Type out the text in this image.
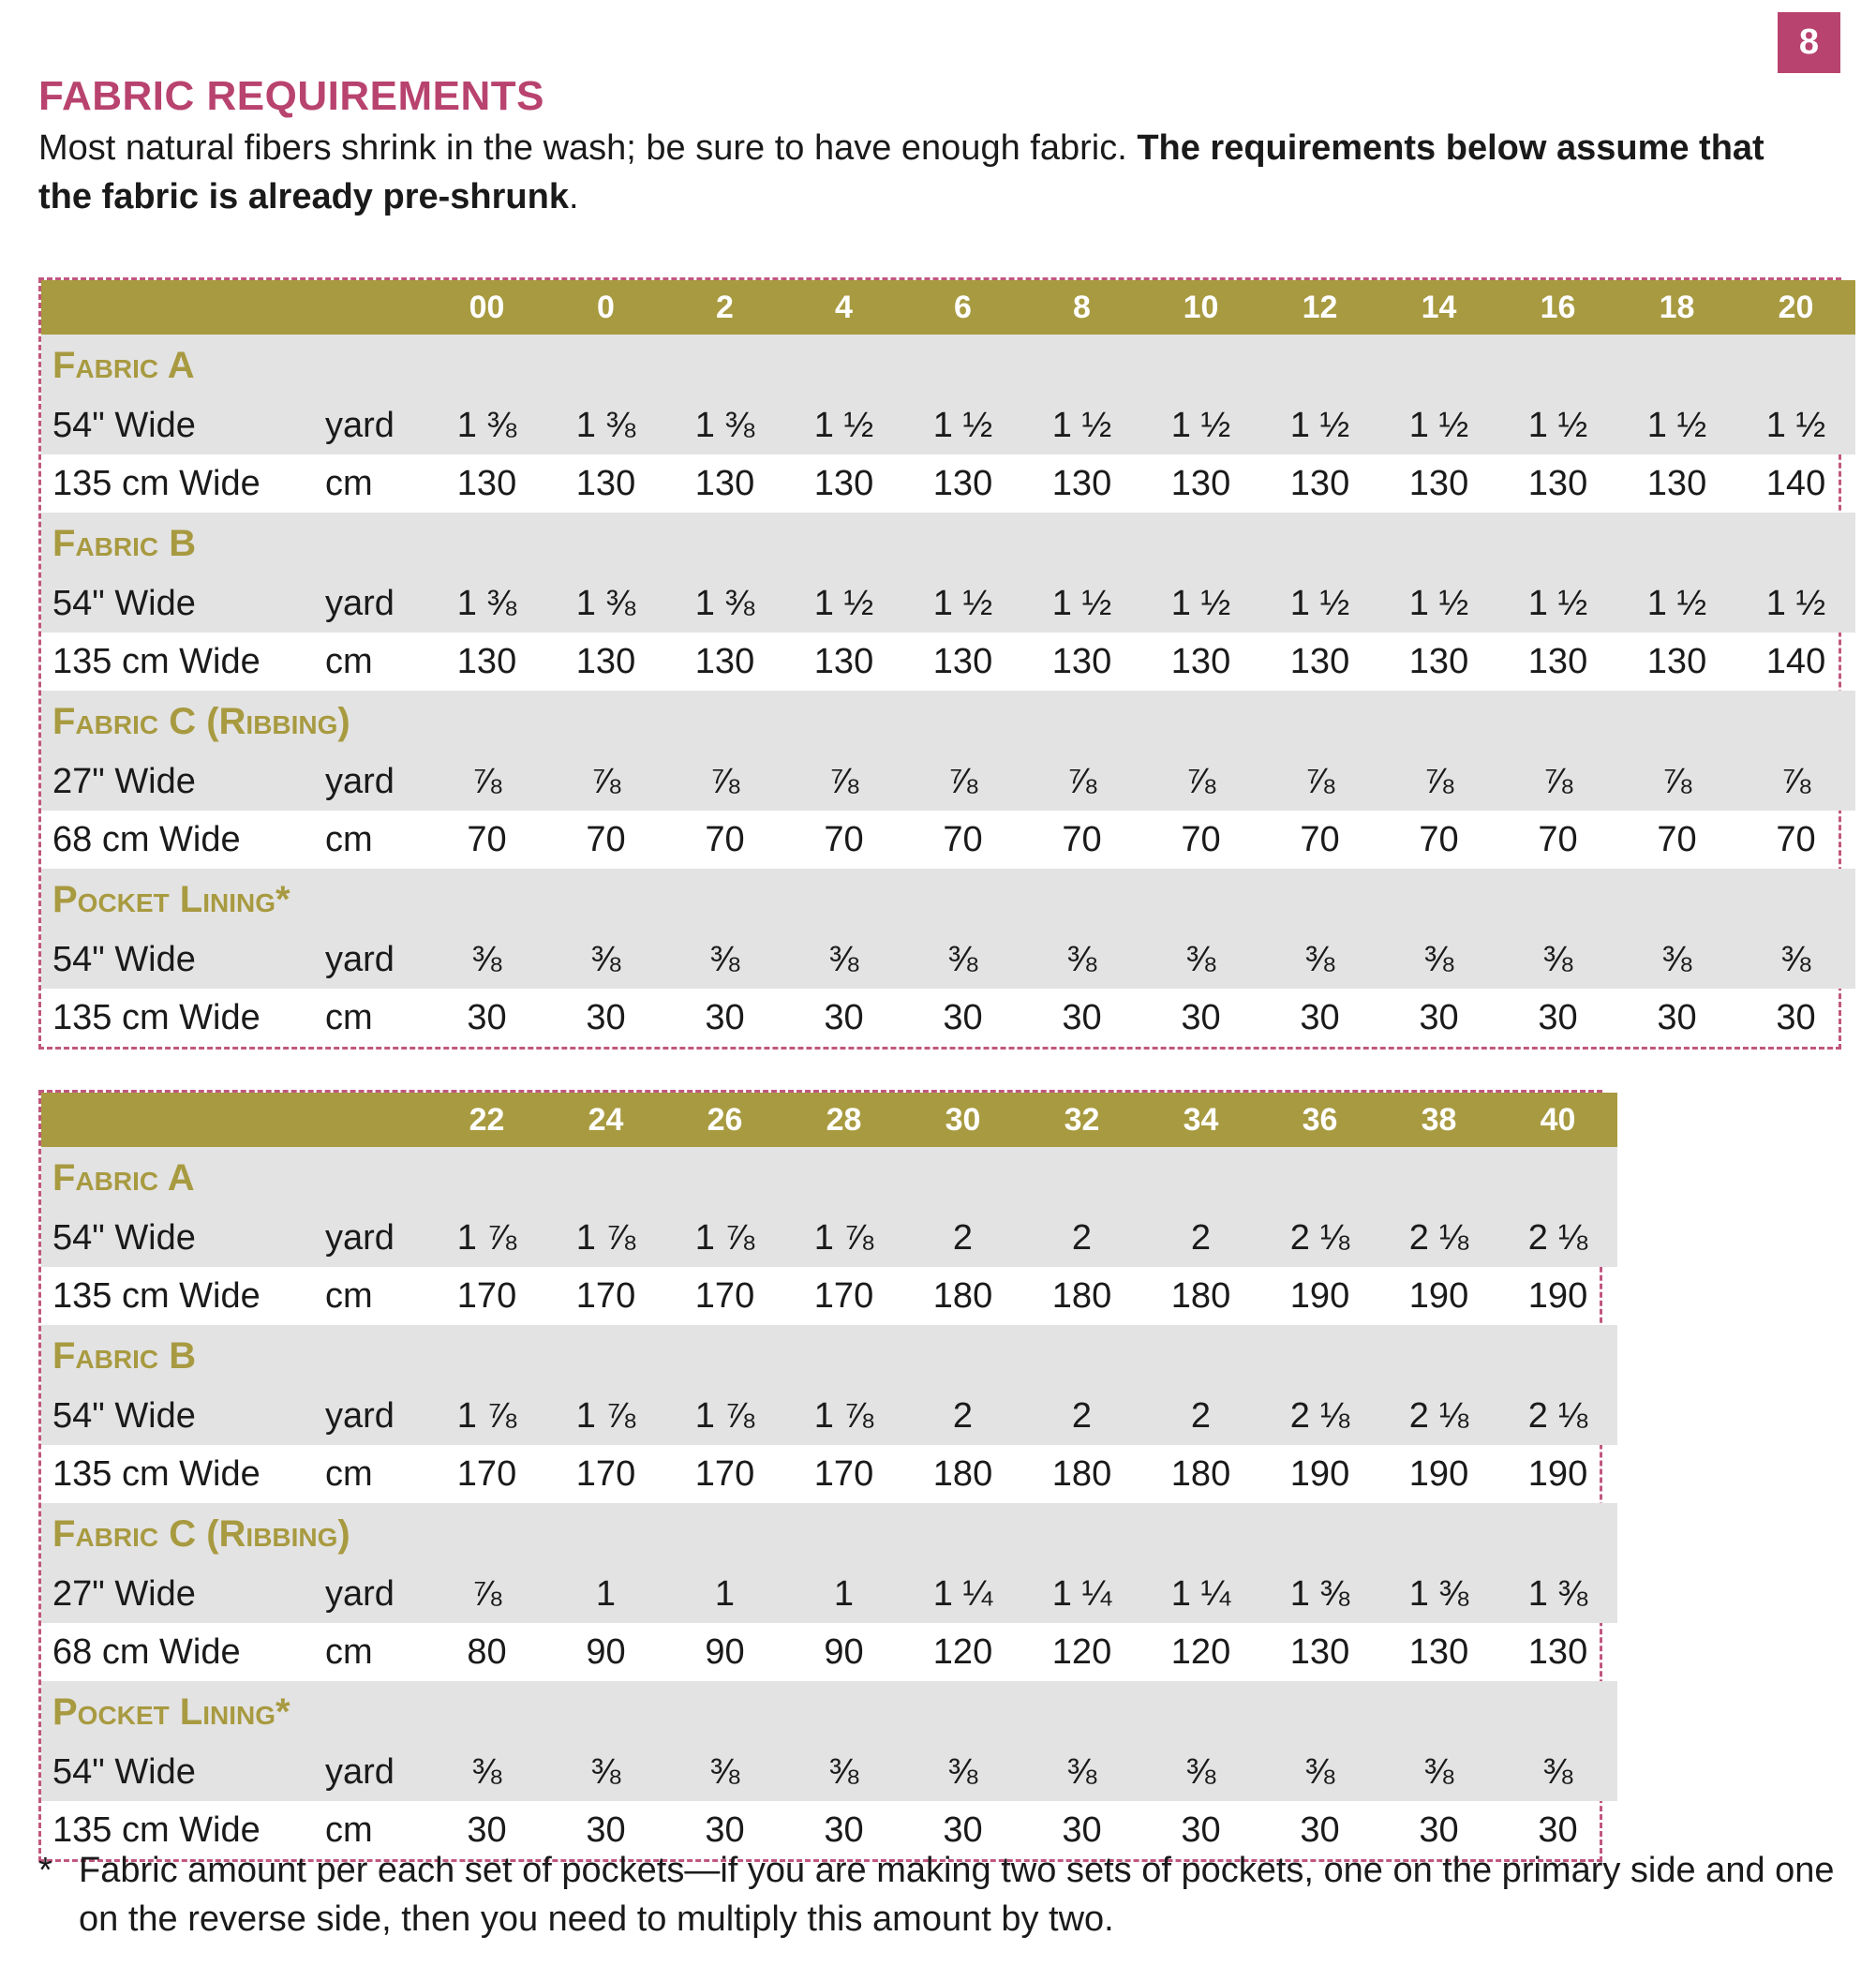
8
FABRIC REQUIREMENTS

Most natural fibers shrink in the wash; be sure to have enough fabric. The requirements below assume that the fabric is already pre-shrunk.

		00	0	2	4	6	8	10	12	14	16	18	20
Fabric A													
54" Wide	yard	1 ⅜	1 ⅜	1 ⅜	1 ½	1 ½	1 ½	1 ½	1 ½	1 ½	1 ½	1 ½	1 ½
135 cm Wide	cm	130	130	130	130	130	130	130	130	130	130	130	140
Fabric B													
54" Wide	yard	1 ⅜	1 ⅜	1 ⅜	1 ½	1 ½	1 ½	1 ½	1 ½	1 ½	1 ½	1 ½	1 ½
135 cm Wide	cm	130	130	130	130	130	130	130	130	130	130	130	140
Fabric C (Ribbing)													
27" Wide	yard	⅞	⅞	⅞	⅞	⅞	⅞	⅞	⅞	⅞	⅞	⅞	⅞
68 cm Wide	cm	70	70	70	70	70	70	70	70	70	70	70	70
Pocket Lining*													
54" Wide	yard	⅜	⅜	⅜	⅜	⅜	⅜	⅜	⅜	⅜	⅜	⅜	⅜
135 cm Wide	cm	30	30	30	30	30	30	30	30	30	30	30	30
		22	24	26	28	30	32	34	36	38	40
Fabric A											
54" Wide	yard	1 ⅞	1 ⅞	1 ⅞	1 ⅞	2	2	2	2 ⅛	2 ⅛	2 ⅛
135 cm Wide	cm	170	170	170	170	180	180	180	190	190	190
Fabric B											
54" Wide	yard	1 ⅞	1 ⅞	1 ⅞	1 ⅞	2	2	2	2 ⅛	2 ⅛	2 ⅛
135 cm Wide	cm	170	170	170	170	180	180	180	190	190	190
Fabric C (Ribbing)											
27" Wide	yard	⅞	1	1	1	1 ¼	1 ¼	1 ¼	1 ⅜	1 ⅜	1 ⅜
68 cm Wide	cm	80	90	90	90	120	120	120	130	130	130
Pocket Lining*											
54" Wide	yard	⅜	⅜	⅜	⅜	⅜	⅜	⅜	⅜	⅜	⅜
135 cm Wide	cm	30	30	30	30	30	30	30	30	30	30
* Fabric amount per each set of pockets—if you are making two sets of pockets, one on the primary side and one on the reverse side, then you need to multiply this amount by two.
